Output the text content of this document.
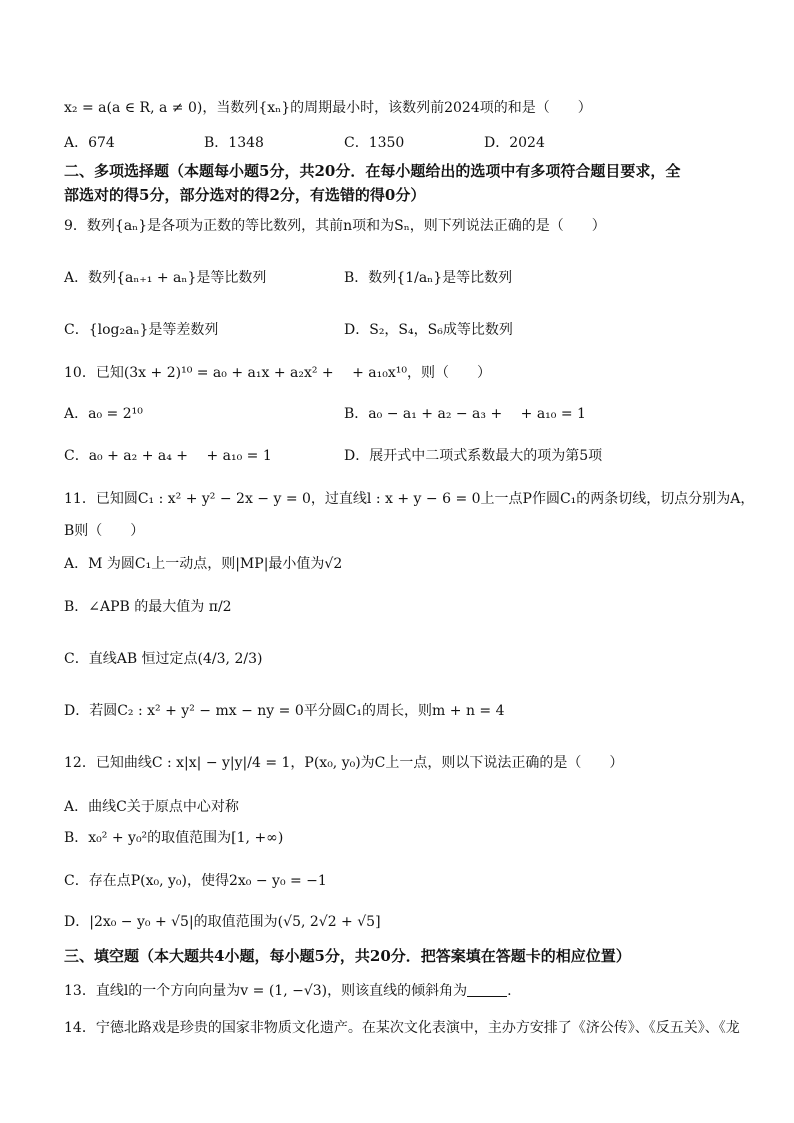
x₂ = a(a ∈ R, a ≠ 0)，当数列{xₙ}的周期最小时，该数列前2024项的和是（　　）
A．674	B．1348	C．1350	D．2024
二、多项选择题（本题每小题5分，共20分．在每小题给出的选项中有多项符合题目要求，全
部选对的得5分，部分选对的得2分，有选错的得0分）
9．数列{aₙ}是各项为正数的等比数列，其前n项和为Sₙ，则下列说法正确的是（　　）
A．数列{aₙ₊₁ + aₙ}是等比数列	B．数列{1/aₙ}是等比数列
C．{log₂aₙ}是等差数列	D．S₂，S₄，S₆成等比数列
10．已知(3x + 2)¹⁰ = a₀ + a₁x + a₂x² +　 + a₁₀x¹⁰，则（　　）
A．a₀ = 2¹⁰	B．a₀ − a₁ + a₂ − a₃ +　 + a₁₀ = 1
C．a₀ + a₂ + a₄ +　 + a₁₀ = 1	D．展开式中二项式系数最大的项为第5项
11．已知圆C₁ : x² + y² − 2x − y = 0，过直线l : x + y − 6 = 0上一点P作圆C₁的两条切线，切点分别为A，
B则（　　）
A．M 为圆C₁上一动点，则|MP|最小值为√2
B．∠APB 的最大值为 π/2
C．直线AB 恒过定点(4/3, 2/3)
D．若圆C₂ : x² + y² − mx − ny = 0平分圆C₁的周长，则m + n = 4
12．已知曲线C : x|x| − y|y|/4 = 1，P(x₀, y₀)为C上一点，则以下说法正确的是（　　）
A．曲线C关于原点中心对称
B．x₀² + y₀²的取值范围为[1, +∞)
C．存在点P(x₀, y₀)，使得2x₀ − y₀ = −1
D．|2x₀ − y₀ + √5|的取值范围为(√5, 2√2 + √5]
三、填空题（本大题共4小题，每小题5分，共20分．把答案填在答题卡的相应位置）
13．直线l的一个方向向量为v = (1, −√3)，则该直线的倾斜角为	.
14．宁德北路戏是珍贵的国家非物质文化遗产。在某次文化表演中，主办方安排了《济公传》、《反五关》、《龙
